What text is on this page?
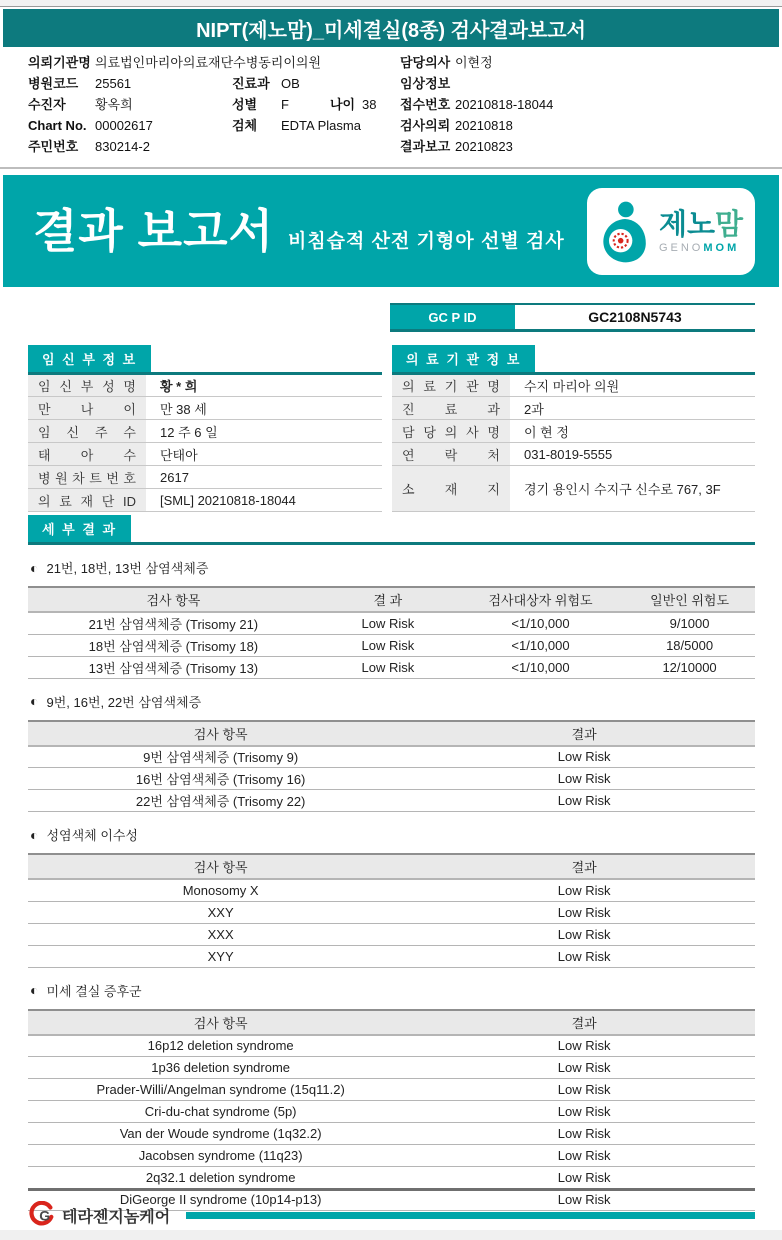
NIPT(제노맘)_미세결실(8종) 검사결과보고서
의뢰기관명 의료법인마리아의료재단수병동리이의원
병원코드 25561
수진자 황옥희
Chart No. 00002617
주민번호 830214-2
진료과 OB
성별 F	나이 38
검체 EDTA Plasma
담당의사 이현정
임상정보
접수번호 20210818-18044
검사의뢰 20210818
결과보고 20210823
결과 보고서 비침습적 산전 기형아 선별 검사
제노맘
GENOMOM
GC P ID	GC2108N5743
임 신 부 정 보
임 신 부 성 명	황 * 희
만 나 이	만 38 세
임 신 주 수	12 주 6 일
태 아 수	단태아
병 원 차 트 번 호	2617
의 료 재 단 ID	[SML] 20210818-18044
의 료 기 관 정 보
의 료 기 관 명	수지 마리아 의원
진 료 과	2과
담 당 의 사 명	이 현 정
연 락 처	031-8019-5555
소 재 지	경기 용인시 수지구 신수로 767, 3F
세 부 결 과
◐ 21번, 18번, 13번 삼염색체증
검사 항목	결 과	검사대상자 위험도	일반인 위험도
21번 삼염색체증 (Trisomy 21)	Low Risk	<1/10,000	9/1000
18번 삼염색체증 (Trisomy 18)	Low Risk	<1/10,000	18/5000
13번 삼염색체증 (Trisomy 13)	Low Risk	<1/10,000	12/10000
◐ 9번, 16번, 22번 삼염색체증
검사 항목	결과
9번 삼염색체증 (Trisomy 9)	Low Risk
16번 삼염색체증 (Trisomy 16)	Low Risk
22번 삼염색체증 (Trisomy 22)	Low Risk
◐ 성염색체 이수성
검사 항목	결과
Monosomy X	Low Risk
XXY	Low Risk
XXX	Low Risk
XYY	Low Risk
◐ 미세 결실 증후군
검사 항목	결과
16p12 deletion syndrome	Low Risk
1p36 deletion syndrome	Low Risk
Prader-Willi/Angelman syndrome (15q11.2)	Low Risk
Cri-du-chat syndrome (5p)	Low Risk
Van der Woude syndrome (1q32.2)	Low Risk
Jacobsen syndrome (11q23)	Low Risk
2q32.1 deletion syndrome	Low Risk
DiGeorge II syndrome (10p14-p13)	Low Risk
G 테라젠지놈케어
